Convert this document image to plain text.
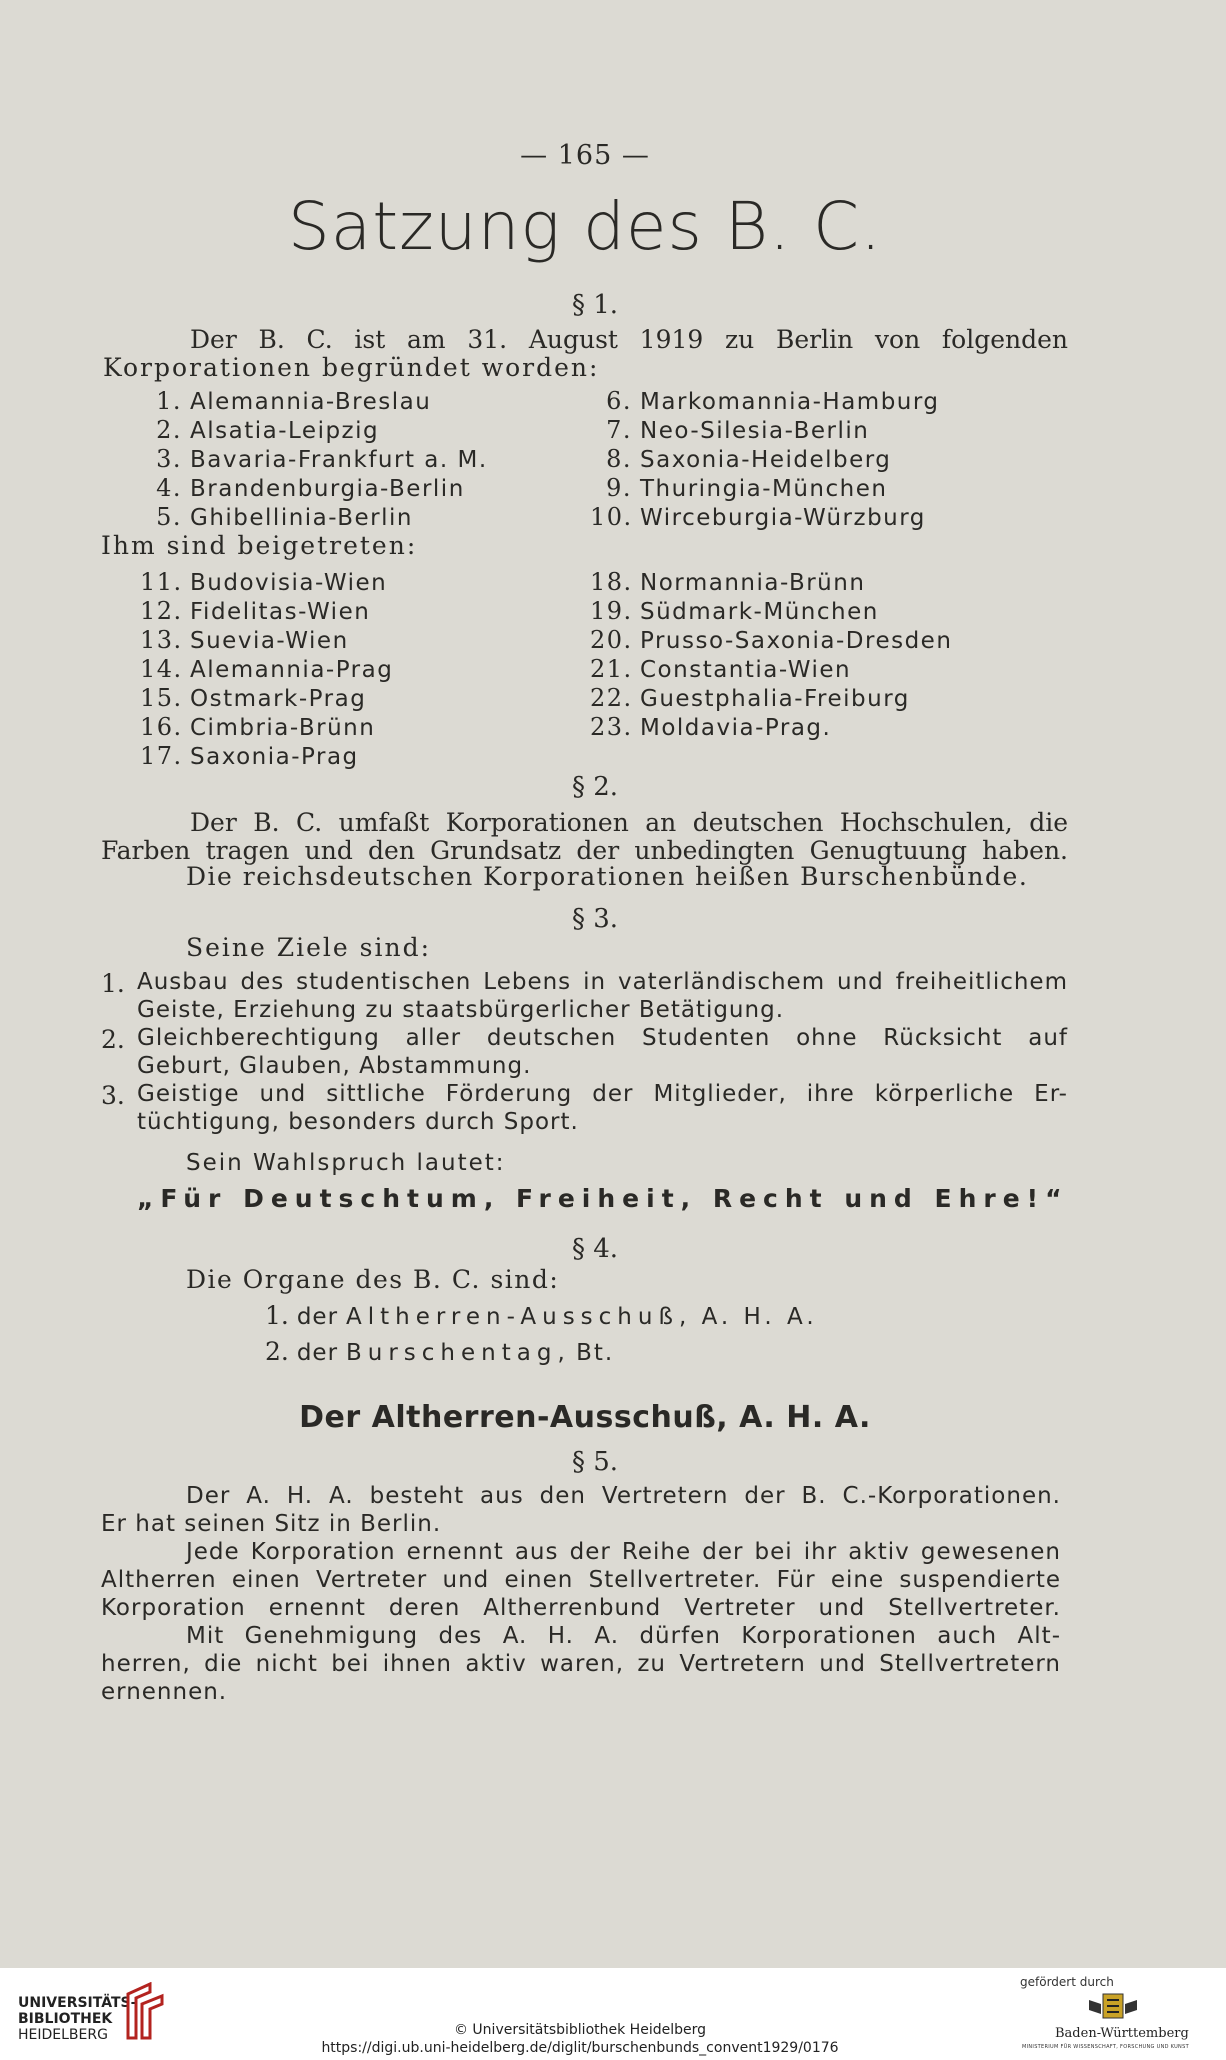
— 165 —
Satzung des B. C.
§ 1.
Der B. C. ist am 31. August 1919 zu Berlin von folgenden
Korporationen begründet worden:
1. Alemannia-Breslau
2. Alsatia-Leipzig
3. Bavaria-Frankfurt a. M.
4. Brandenburgia-Berlin
5. Ghibellinia-Berlin
6. Markomannia-Hamburg
7. Neo-Silesia-Berlin
8. Saxonia-Heidelberg
9. Thuringia-München
10. Wirceburgia-Würzburg
Ihm sind beigetreten:
11. Budovisia-Wien
12. Fidelitas-Wien
13. Suevia-Wien
14. Alemannia-Prag
15. Ostmark-Prag
16. Cimbria-Brünn
17. Saxonia-Prag
18. Normannia-Brünn
19. Südmark-München
20. Prusso-Saxonia-Dresden
21. Constantia-Wien
22. Guestphalia-Freiburg
23. Moldavia-Prag.
§ 2.
Der B. C. umfaßt Korporationen an deutschen Hochschulen, die
Farben tragen und den Grundsatz der unbedingten Genugtuung haben.
Die reichsdeutschen Korporationen heißen Burschenbünde.
§ 3.
Seine Ziele sind:
1. Ausbau des studentischen Lebens in vaterländischem und freiheitlichem
Geiste, Erziehung zu staatsbürgerlicher Betätigung.
2. Gleichberechtigung aller deutschen Studenten ohne Rücksicht auf
Geburt, Glauben, Abstammung.
3. Geistige und sittliche Förderung der Mitglieder, ihre körperliche Er-
tüchtigung, besonders durch Sport.
Sein Wahlspruch lautet:
„Für Deutschtum, Freiheit, Recht und Ehre!“
§ 4.
Die Organe des B. C. sind:
1. der Altherren-Ausschuß, A. H. A.
2. der Burschentag, Bt.
Der Altherren-Ausschuß, A. H. A.
§ 5.
Der A. H. A. besteht aus den Vertretern der B. C.-Korporationen.
Er hat seinen Sitz in Berlin.
Jede Korporation ernennt aus der Reihe der bei ihr aktiv gewesenen
Altherren einen Vertreter und einen Stellvertreter. Für eine suspendierte
Korporation ernennt deren Altherrenbund Vertreter und Stellvertreter.
Mit Genehmigung des A. H. A. dürfen Korporationen auch Alt-
herren, die nicht bei ihnen aktiv waren, zu Vertretern und Stellvertretern
ernennen.
UNIVERSITÄTS-
BIBLIOTHEK
HEIDELBERG	© Universitätsbibliothek Heidelberg
https://digi.ub.uni-heidelberg.de/diglit/burschenbunds_convent1929/0176
gefördert durch
Baden-Württemberg
MINISTERIUM FÜR WISSENSCHAFT, FORSCHUNG UND KUNST
